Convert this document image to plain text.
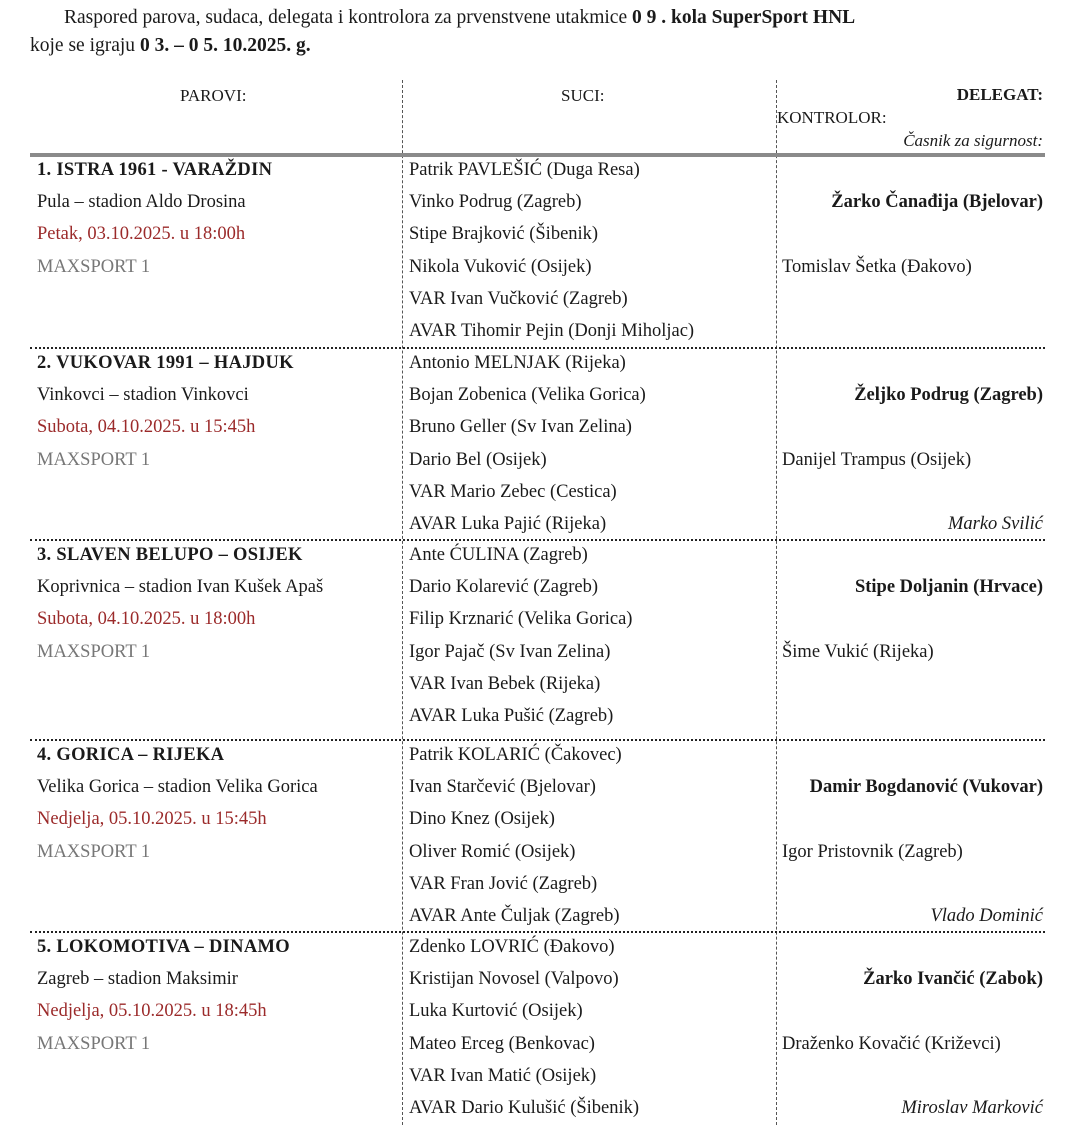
Raspored parova, sudaca, delegata i kontrolora za prvenstvene utakmice 0 9 . kola SuperSport HNL
koje se igraju 0 3. – 0 5. 10.2025. g.
PAROVI:	SUCI:	DELEGAT:
KONTROLOR:
Časnik za sigurnost:
1. ISTRA 1961 - VARAŽDIN
Pula – stadion Aldo Drosina
Petak, 03.10.2025. u 18:00h
MAXSPORT 1
Patrik PAVLEŠIĆ (Duga Resa)
Vinko Podrug (Zagreb)
Stipe Brajković (Šibenik)
Nikola Vuković (Osijek)
VAR Ivan Vučković (Zagreb)
AVAR Tihomir Pejin (Donji Miholjac)
Žarko Čanađija (Bjelovar)
Tomislav Šetka (Đakovo)
2. VUKOVAR 1991 – HAJDUK
Vinkovci – stadion Vinkovci
Subota, 04.10.2025. u 15:45h
MAXSPORT 1
Antonio MELNJAK (Rijeka)
Bojan Zobenica (Velika Gorica)
Bruno Geller (Sv Ivan Zelina)
Dario Bel (Osijek)
VAR Mario Zebec (Cestica)
AVAR Luka Pajić (Rijeka)
Željko Podrug (Zagreb)
Danijel Trampus (Osijek)
Marko Svilić
3. SLAVEN BELUPO – OSIJEK
Koprivnica – stadion Ivan Kušek Apaš
Subota, 04.10.2025. u 18:00h
MAXSPORT 1
Ante ĆULINA (Zagreb)
Dario Kolarević (Zagreb)
Filip Krznarić (Velika Gorica)
Igor Pajač (Sv Ivan Zelina)
VAR Ivan Bebek (Rijeka)
AVAR Luka Pušić (Zagreb)
Stipe Doljanin (Hrvace)
Šime Vukić (Rijeka)
4. GORICA – RIJEKA
Velika Gorica – stadion Velika Gorica
Nedjelja, 05.10.2025. u 15:45h
MAXSPORT 1
Patrik KOLARIĆ (Čakovec)
Ivan Starčević (Bjelovar)
Dino Knez (Osijek)
Oliver Romić (Osijek)
VAR Fran Jović (Zagreb)
AVAR Ante Čuljak (Zagreb)
Damir Bogdanović (Vukovar)
Igor Pristovnik (Zagreb)
Vlado Dominić
5. LOKOMOTIVA – DINAMO
Zagreb – stadion Maksimir
Nedjelja, 05.10.2025. u 18:45h
MAXSPORT 1
Zdenko LOVRIĆ (Đakovo)
Kristijan Novosel (Valpovo)
Luka Kurtović (Osijek)
Mateo Erceg (Benkovac)
VAR Ivan Matić (Osijek)
AVAR Dario Kulušić (Šibenik)
Žarko Ivančić (Zabok)
Draženko Kovačić (Križevci)
Miroslav Marković
